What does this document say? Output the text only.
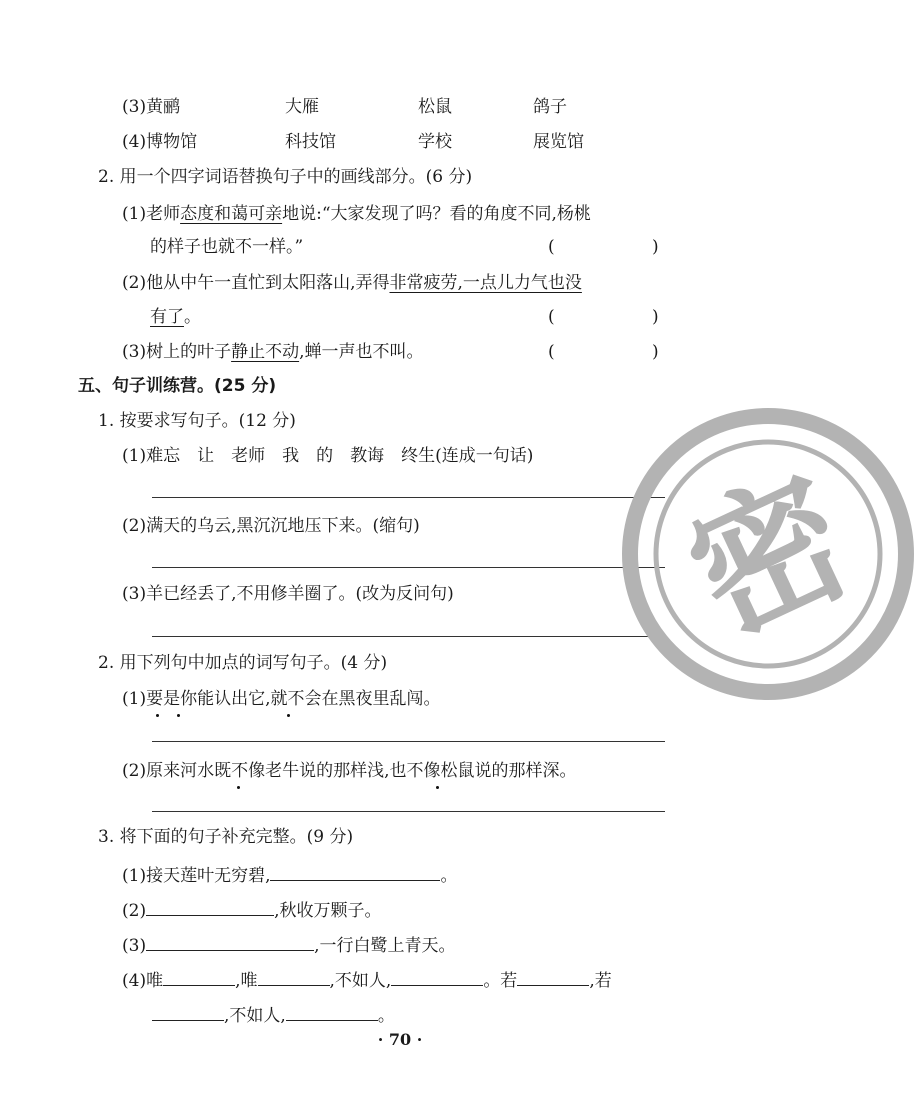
(3)黄鹂	大雁	松鼠	鸽子
(4)博物馆	科技馆	学校	展览馆
2. 用一个四字词语替换句子中的画线部分。(6 分)
(1)老师态度和蔼可亲地说:“大家发现了吗？看的角度不同,杨桃
的样子也就不一样。”	(	)
(2)他从中午一直忙到太阳落山,弄得非常疲劳,一点儿力气也没
有了。	(	)
(3)树上的叶子静止不动,蝉一声也不叫。	(	)
五、句子训练营。(25 分)
1. 按要求写句子。(12 分)
(1)难忘　让　老师　我　的　教诲　终生(连成一句话)
(2)满天的乌云,黑沉沉地压下来。(缩句)
(3)羊已经丢了,不用修羊圈了。(改为反问句)
2. 用下列句中加点的词写句子。(4 分)
(1)要是你能认出它,就不会在黑夜里乱闯。
(2)原来河水既不像老牛说的那样浅,也不像松鼠说的那样深。
3. 将下面的句子补充完整。(9 分)
(1)接天莲叶无穷碧,	。
(2)	,秋收万颗子。
(3)	,一行白鹭上青天。
(4)唯	,唯	,不如人,	。若	,若
,不如人,	。
密
· 70 ·
